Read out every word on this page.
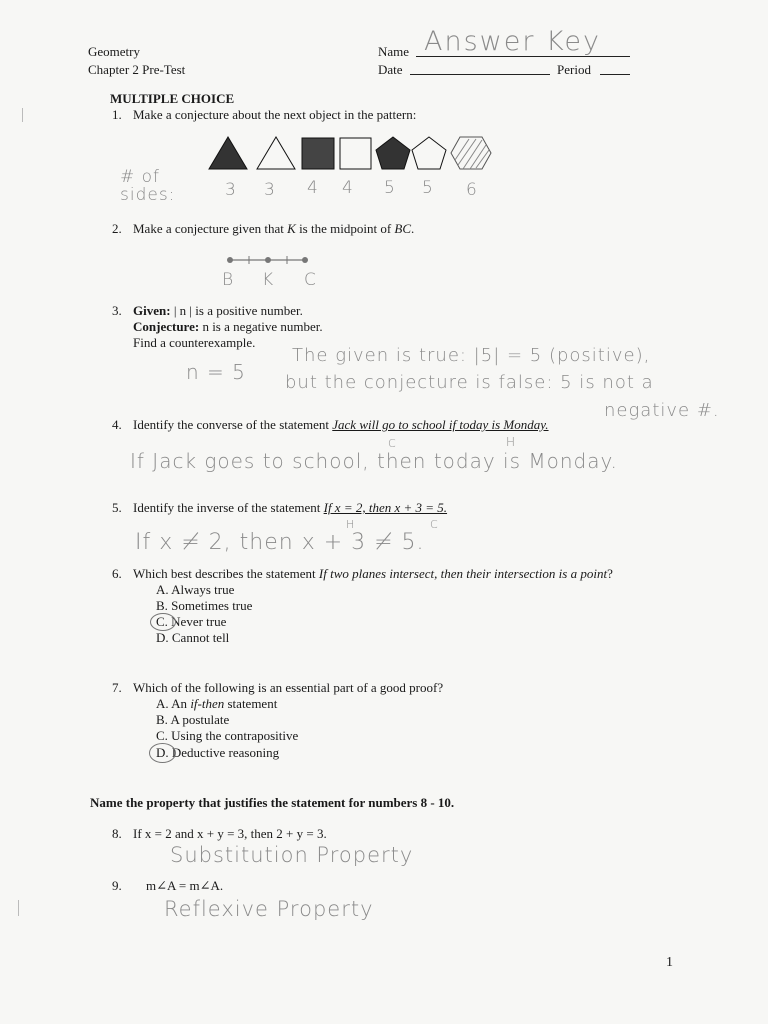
Geometry
Chapter 2 Pre-Test
Name Answer Key
Date	Period
MULTIPLE CHOICE
1. Make a conjecture about the next object in the pattern:
# of sides:	3 3 4 4 5 5 6
2. Make a conjecture given that K is the midpoint of BC.
B K C
3. Given: | n | is a positive number.
Conjecture: n is a negative number.
Find a counterexample.
n = 5
The given is true: |5| = 5 (positive),
but the conjecture is false: 5 is not a
negative #.
4. Identify the converse of the statement Jack will go to school if today is Monday.
C	H
If Jack goes to school, then today is Monday.
5. Identify the inverse of the statement If x = 2, then x + 3 = 5.
H	C
If x ≠ 2, then x + 3 ≠ 5.
6. Which best describes the statement If two planes intersect, then their intersection is a point?
A. Always true
B. Sometimes true
C. Never true
D. Cannot tell
7. Which of the following is an essential part of a good proof?
A. An if-then statement
B. A postulate
C. Using the contrapositive
D. Deductive reasoning
Name the property that justifies the statement for numbers 8 - 10.
8. If x = 2 and x + y = 3, then 2 + y = 3.
Substitution Property
9. m∠A = m∠A.
Reflexive Property
1
